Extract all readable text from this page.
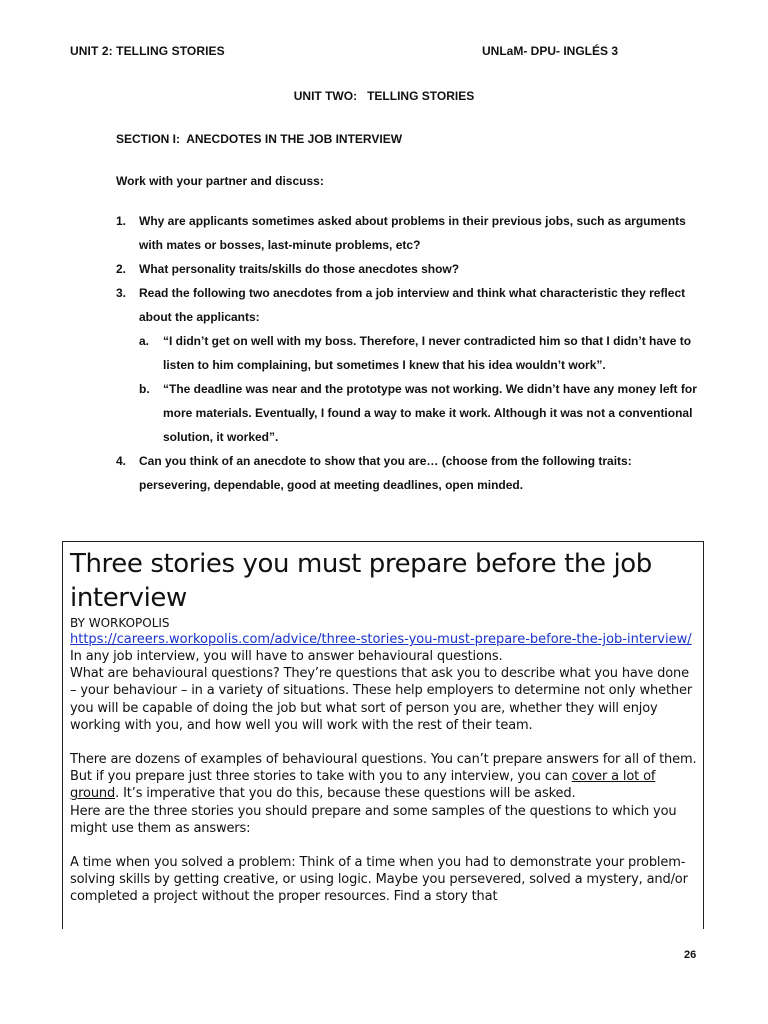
UNIT 2: TELLING STORIES	UNLaM- DPU- INGLÉS 3
UNIT TWO:   TELLING STORIES
SECTION I:  ANECDOTES IN THE JOB INTERVIEW
Work with your partner and discuss:
1. Why are applicants sometimes asked about problems in their previous jobs, such as arguments with mates or bosses, last-minute problems, etc?
2. What personality traits/skills do those anecdotes show?
3. Read the following two anecdotes from a job interview and think what characteristic they reflect about the applicants:
a. “I didn’t get on well with my boss. Therefore, I never contradicted him so that I didn’t have to listen to him complaining, but sometimes I knew that his idea wouldn’t work”.
b. “The deadline was near and the prototype was not working. We didn’t have any money left for more materials. Eventually, I found a way to make it work. Although it was not a conventional solution, it worked”.
4. Can you think of an anecdote to show that you are… (choose from the following traits: persevering, dependable, good at meeting deadlines, open minded.
Three stories you must prepare before the job interview
BY WORKOPOLIS
https://careers.workopolis.com/advice/three-stories-you-must-prepare-before-the-job-interview/
In any job interview, you will have to answer behavioural questions.
What are behavioural questions? They’re questions that ask you to describe what you have done – your behaviour – in a variety of situations. These help employers to determine not only whether you will be capable of doing the job but what sort of person you are, whether they will enjoy working with you, and how well you will work with the rest of their team.
There are dozens of examples of behavioural questions. You can’t prepare answers for all of them. But if you prepare just three stories to take with you to any interview, you can cover a lot of ground. It’s imperative that you do this, because these questions will be asked.
Here are the three stories you should prepare and some samples of the questions to which you might use them as answers:
A time when you solved a problem: Think of a time when you had to demonstrate your problem-solving skills by getting creative, or using logic. Maybe you persevered, solved a mystery, and/or completed a project without the proper resources. Find a story that
26
